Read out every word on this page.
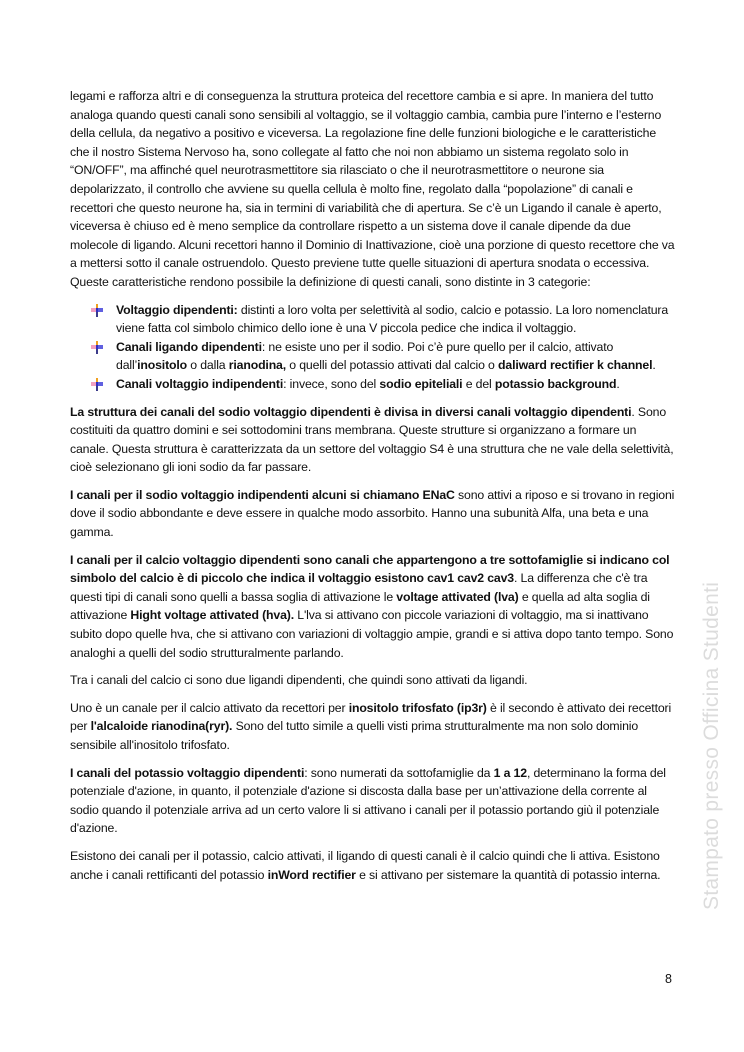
legami e rafforza altri e di conseguenza la struttura proteica del recettore cambia e si apre. In maniera del tutto analoga quando questi canali sono sensibili al voltaggio, se il voltaggio cambia, cambia pure l’interno e l’esterno della cellula, da negativo a positivo e viceversa. La regolazione fine delle funzioni biologiche e le caratteristiche che il nostro Sistema Nervoso ha, sono collegate al fatto che noi non abbiamo un sistema regolato solo in “ON/OFF”, ma affinché quel neurotrasmettitore sia rilasciato o che il neurotrasmettitore o neurone sia depolarizzato, il controllo che avviene su quella cellula è molto fine, regolato dalla “popolazione” di canali e recettori che questo neurone ha, sia in termini di variabilità che di apertura. Se c’è un Ligando il canale è aperto, viceversa è chiuso ed è meno semplice da controllare rispetto a un sistema dove il canale dipende da due molecole di ligando. Alcuni recettori hanno il Dominio di Inattivazione, cioè una porzione di questo recettore che va a mettersi sotto il canale ostruendolo. Questo previene tutte quelle situazioni di apertura snodata o eccessiva. Queste caratteristiche rendono possibile la definizione di questi canali, sono distinte in 3 categorie:

Voltaggio dipendenti: distinti a loro volta per selettività al sodio, calcio e potassio. La loro nomenclatura viene fatta col simbolo chimico dello ione è una V piccola pedice che indica il voltaggio.
Canali ligando dipendenti: ne esiste uno per il sodio. Poi c’è pure quello per il calcio, attivato dall’inositolo o dalla rianodina, o quelli del potassio attivati dal calcio o daliward rectifier k channel.
Canali voltaggio indipendenti: invece, sono del sodio epiteliali e del potassio background.

La struttura dei canali del sodio voltaggio dipendenti è divisa in diversi canali voltaggio dipendenti. Sono costituiti da quattro domini e sei sottodomini trans membrana. Queste strutture si organizzano a formare un canale. Questa struttura è caratterizzata da un settore del voltaggio S4 è una struttura che ne vale della selettività, cioè selezionano gli ioni sodio da far passare.

I canali per il sodio voltaggio indipendenti alcuni si chiamano ENaC sono attivi a riposo e si trovano in regioni dove il sodio abbondante e deve essere in qualche modo assorbito. Hanno una subunità Alfa, una beta e una gamma.

I canali per il calcio voltaggio dipendenti sono canali che appartengono a tre sottofamiglie si indicano col simbolo del calcio è di piccolo che indica il voltaggio esistono cav1 cav2 cav3. La differenza che c'è tra questi tipi di canali sono quelli a bassa soglia di attivazione le voltage attivated (lva) e quella ad alta soglia di attivazione Hight voltage attivated (hva). L'lva si attivano con piccole variazioni di voltaggio, ma si inattivano subito dopo quelle hva, che si attivano con variazioni di voltaggio ampie, grandi e si attiva dopo tanto tempo. Sono analoghi a quelli del sodio strutturalmente parlando.

Tra i canali del calcio ci sono due ligandi dipendenti, che quindi sono attivati da ligandi.

Uno è un canale per il calcio attivato da recettori per inositolo trifosfato (ip3r) è il secondo è attivato dei recettori per l'alcaloide rianodina(ryr). Sono del tutto simile a quelli visti prima strutturalmente ma non solo dominio sensibile all'inositolo trifosfato.

I canali del potassio voltaggio dipendenti: sono numerati da sottofamiglie da 1 a 12, determinano la forma del potenziale d'azione, in quanto, il potenziale d'azione si discosta dalla base per un’attivazione della corrente al sodio quando il potenziale arriva ad un certo valore li si attivano i canali per il potassio portando giù il potenziale d'azione.

Esistono dei canali per il potassio, calcio attivati, il ligando di questi canali è il calcio quindi che li attiva. Esistono anche i canali rettificanti del potassio inWord rectifier e si attivano per sistemare la quantità di potassio interna.	Stampato presso Officina Studenti
8
